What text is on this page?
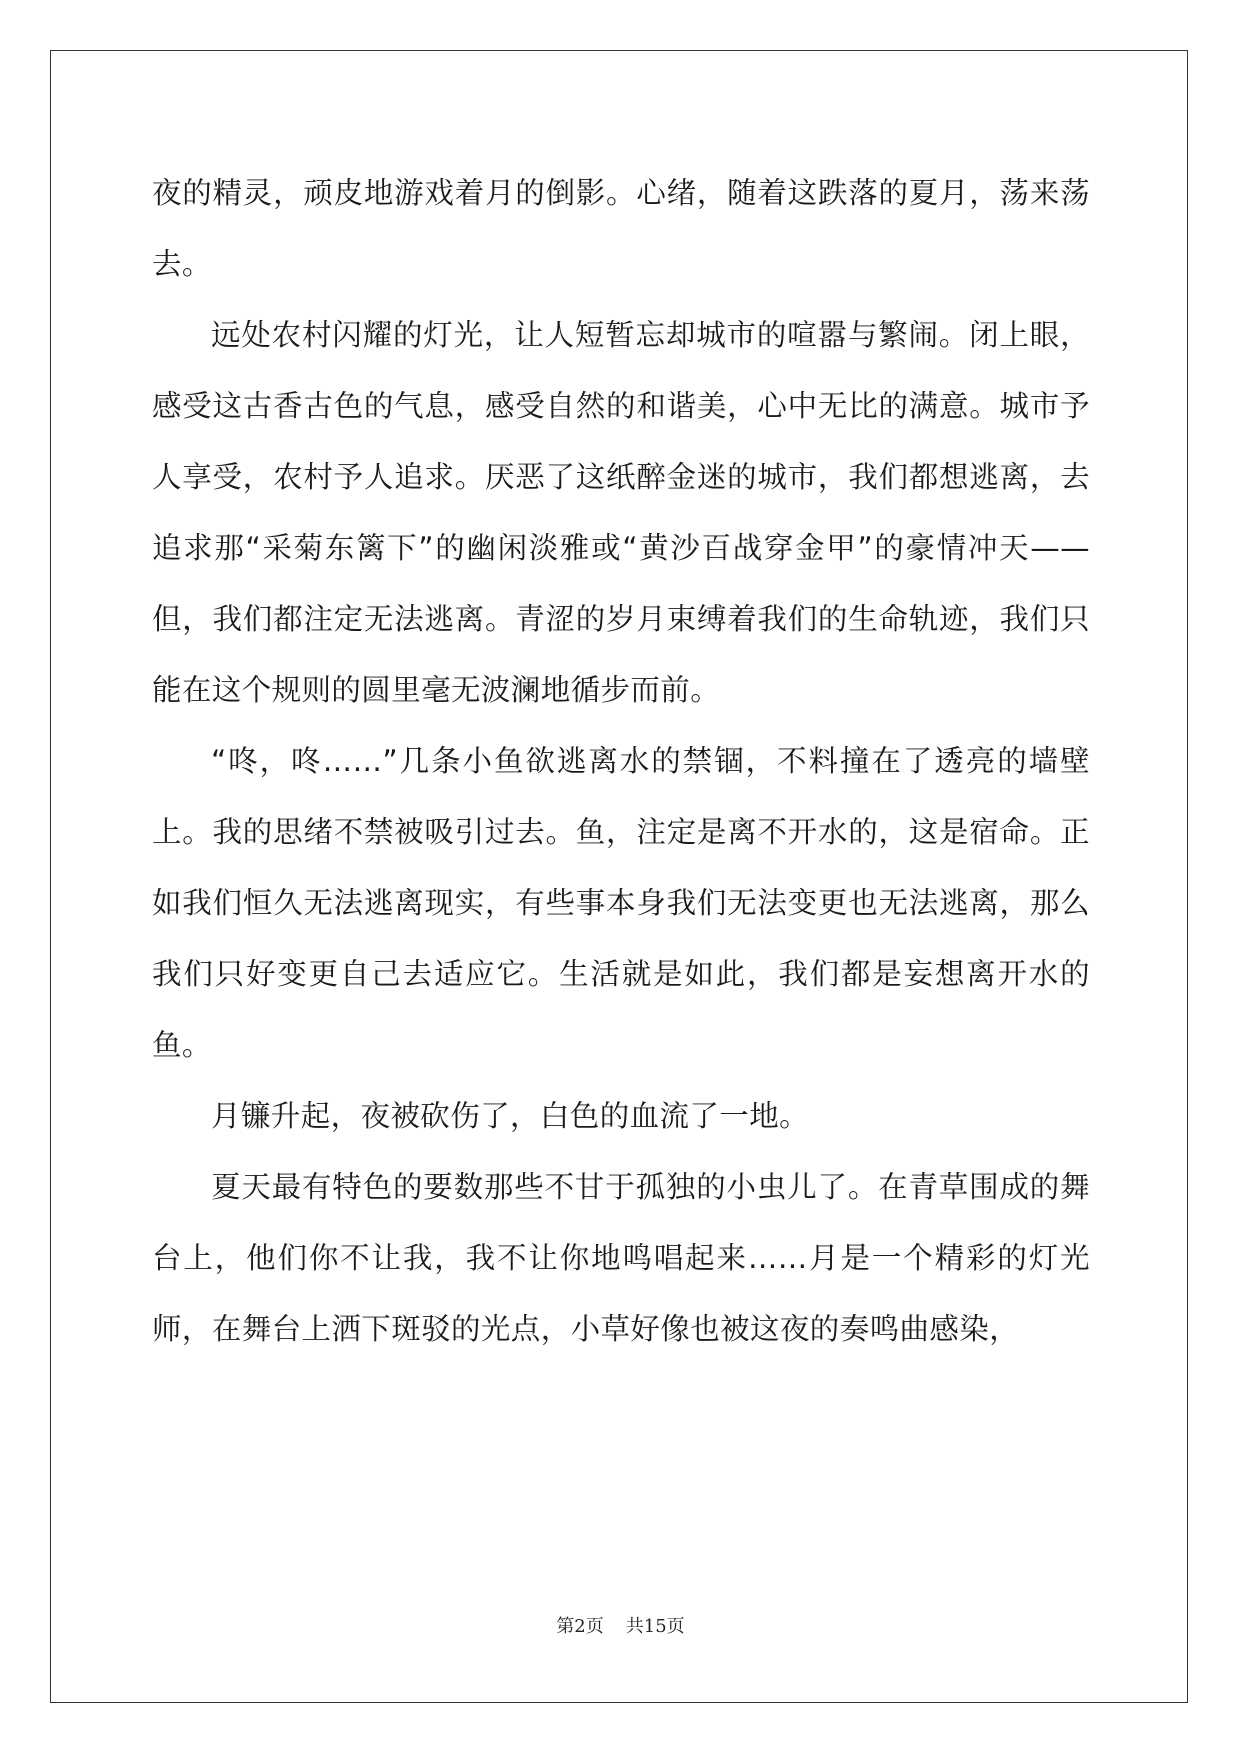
夜的精灵，顽皮地游戏着月的倒影。心绪，随着这跌落的夏月，荡来荡去。

远处农村闪耀的灯光，让人短暂忘却城市的喧嚣与繁闹。闭上眼，感受这古香古色的气息，感受自然的和谐美，心中无比的满意。城市予人享受，农村予人追求。厌恶了这纸醉金迷的城市，我们都想逃离，去追求那“采菊东篱下”的幽闲淡雅或“黄沙百战穿金甲”的豪情冲天——但，我们都注定无法逃离。青涩的岁月束缚着我们的生命轨迹，我们只能在这个规则的圆里毫无波澜地循步而前。

“咚，咚……”几条小鱼欲逃离水的禁锢，不料撞在了透亮的墙壁上。我的思绪不禁被吸引过去。鱼，注定是离不开水的，这是宿命。正如我们恒久无法逃离现实，有些事本身我们无法变更也无法逃离，那么我们只好变更自己去适应它。生活就是如此，我们都是妄想离开水的鱼。

月镰升起，夜被砍伤了，白色的血流了一地。

夏天最有特色的要数那些不甘于孤独的小虫儿了。在青草围成的舞台上，他们你不让我，我不让你地鸣唱起来……月是一个精彩的灯光师，在舞台上洒下斑驳的光点，小草好像也被这夜的奏鸣曲感染，

第2页 共15页
